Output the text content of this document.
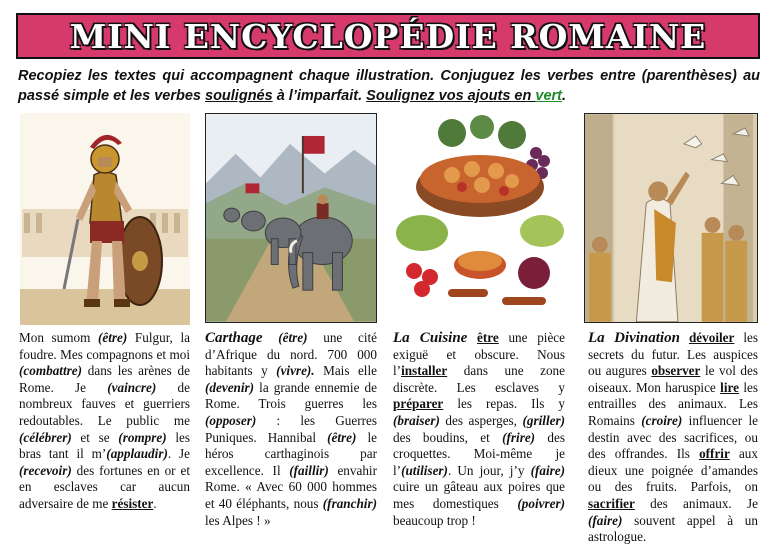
MINI ENCYCLOPÉDIE ROMAINE

Recopiez les textes qui accompagnent chaque illustration. Conjuguez les verbes entre (parenthèses) au passé simple et les verbes soulignés à l’imparfait. Soulignez vos ajouts en vert.

Mon sumom (être) Fulgur, la foudre. Mes compagnons et moi (combattre) dans les arènes de Rome. Je (vaincre) de nombreux fauves et guerriers redoutables. Le public me (célébrer) et se (rompre) les bras tant il m’(applaudir). Je (recevoir) des fortunes en or et en esclaves car aucun adversaire de me résister.

Carthage (être) une cité d’Afrique du nord. 700 000 habitants y (vivre). Mais elle (devenir) la grande ennemie de Rome. Trois guerres les (opposer) : les Guerres Puniques. Hannibal (être) le héros carthaginois par excellence. Il (faillir) envahir Rome. « Avec 60 000 hommes et 40 éléphants, nous (franchir) les Alpes ! »

La Cuisine être une pièce exiguë et obscure. Nous l’installer dans une zone discrète. Les esclaves y préparer les repas. Ils y (braiser) des asperges, (griller) des boudins, et (frire) des croquettes. Moi-même je l’(utiliser). Un jour, j’y (faire) cuire un gâteau aux poires que mes domestiques (poivrer) beaucoup trop !

La Divination dévoiler les secrets du futur. Les auspices ou augures observer le vol des oiseaux. Mon haruspice lire les entrailles des animaux. Les Romains (croire) influencer le destin avec des sacrifices, ou des offrandes. Ils offrir aux dieux une poignée d’amandes ou des fruits. Parfois, on sacrifier des animaux. Je (faire) souvent appel à un astrologue.
